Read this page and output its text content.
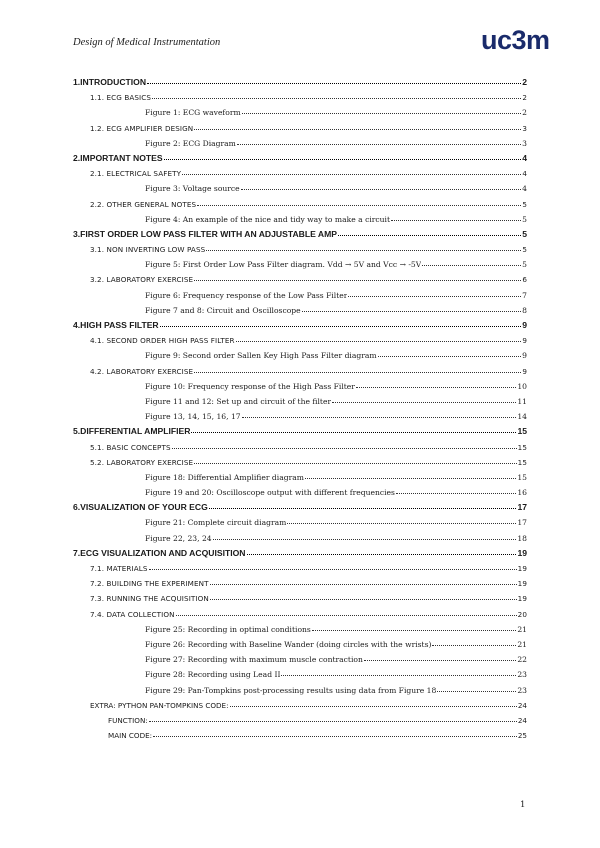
Design of Medical Instrumentation	uc3m
1.INTRODUCTION	2
1.1. ECG BASICS	2
Figure 1: ECG waveform	2
1.2. ECG AMPLIFIER DESIGN	3
Figure 2: ECG Diagram	3
2.IMPORTANT NOTES	4
2.1. ELECTRICAL SAFETY	4
Figure 3: Voltage source	4
2.2. OTHER GENERAL NOTES	5
Figure 4: An example of the nice and tidy way to make a circuit	5
3.FIRST ORDER LOW PASS FILTER WITH AN ADJUSTABLE AMP	5
3.1. NON INVERTING LOW PASS	5
Figure 5: First Order Low Pass Filter diagram. Vdd → 5V and Vcc → -5V	5
3.2. LABORATORY EXERCISE	6
Figure 6: Frequency response of the Low Pass Filter	7
Figure 7 and 8: Circuit and Oscilloscope	8
4.HIGH PASS FILTER	9
4.1. SECOND ORDER HIGH PASS FILTER	9
Figure 9: Second order Sallen Key High Pass Filter diagram	9
4.2. LABORATORY EXERCISE	9
Figure 10: Frequency response of the High Pass Filter	10
Figure 11 and 12: Set up and circuit of the filter	11
Figure 13, 14, 15, 16, 17	14
5.DIFFERENTIAL AMPLIFIER	15
5.1. BASIC CONCEPTS	15
5.2. LABORATORY EXERCISE	15
Figure 18: Differential Amplifier diagram	15
Figure 19 and 20: Oscilloscope output with different frequencies	16
6.VISUALIZATION OF YOUR ECG	17
Figure 21: Complete circuit diagram	17
Figure 22, 23, 24	18
7.ECG VISUALIZATION AND ACQUISITION	19
7.1. MATERIALS	19
7.2. BUILDING THE EXPERIMENT	19
7.3. RUNNING THE ACQUISITION	19
7.4. DATA COLLECTION	20
Figure 25: Recording in optimal conditions	21
Figure 26: Recording with Baseline Wander (doing circles with the wrists)	21
Figure 27: Recording with maximum muscle contraction	22
Figure 28: Recording using Lead II	23
Figure 29: Pan-Tompkins post-processing results using data from Figure 18	23
EXTRA: PYTHON PAN-TOMPKINS CODE:	24
FUNCTION:	24
MAIN CODE:	25
1
